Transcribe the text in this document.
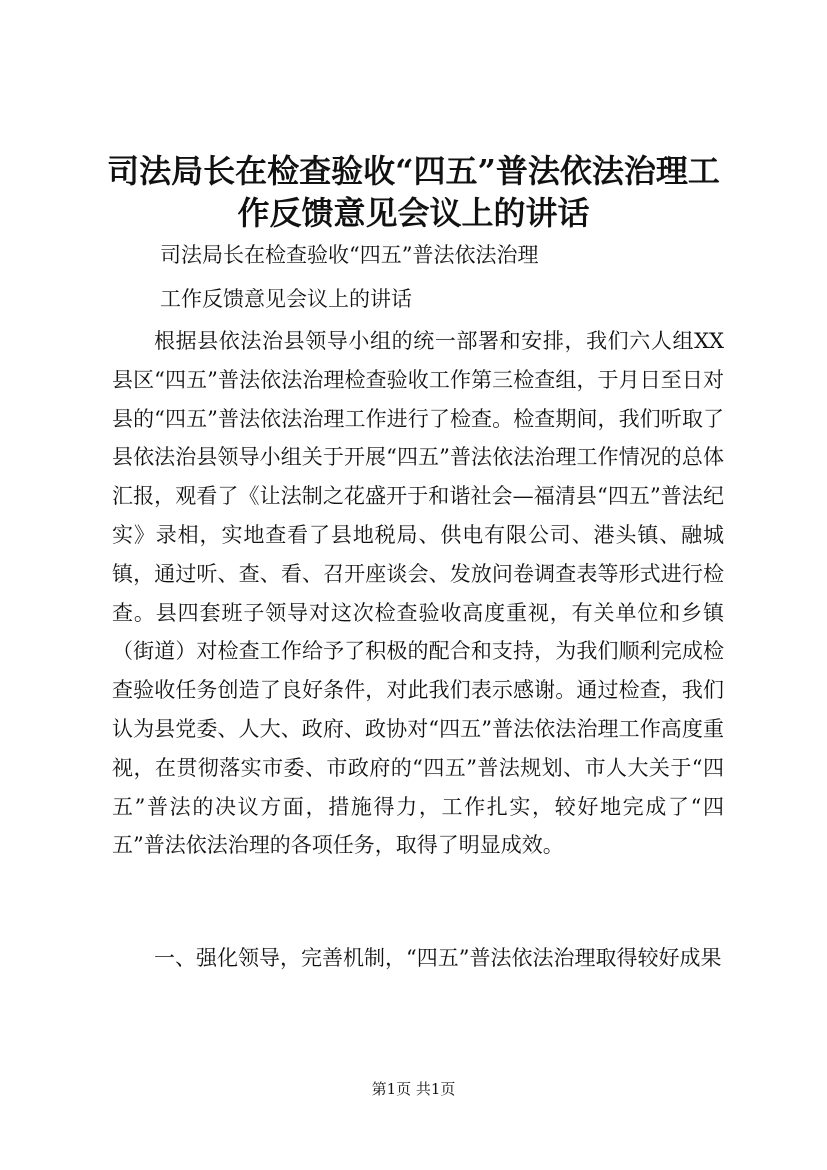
司法局长在检查验收“四五”普法依法治理工作反馈意见会议上的讲话
司法局长在检查验收“四五”普法依法治理
工作反馈意见会议上的讲话
根据县依法治县领导小组的统一部署和安排，我们六人组XX县区“四五”普法依法治理检查验收工作第三检查组，于月日至日对县的“四五”普法依法治理工作进行了检查。检查期间，我们听取了县依法治县领导小组关于开展“四五”普法依法治理工作情况的总体汇报，观看了《让法制之花盛开于和谐社会—福清县“四五”普法纪实》录相，实地查看了县地税局、供电有限公司、港头镇、融城镇，通过听、查、看、召开座谈会、发放问卷调查表等形式进行检查。县四套班子领导对这次检查验收高度重视，有关单位和乡镇（街道）对检查工作给予了积极的配合和支持，为我们顺利完成检查验收任务创造了良好条件，对此我们表示感谢。通过检查，我们认为县党委、人大、政府、政协对“四五”普法依法治理工作高度重视，在贯彻落实市委、市政府的“四五”普法规划、市人大关于“四五”普法的决议方面，措施得力，工作扎实，较好地完成了“四五”普法依法治理的各项任务，取得了明显成效。
一、强化领导，完善机制，“四五”普法依法治理取得较好成果
第1页 共1页
